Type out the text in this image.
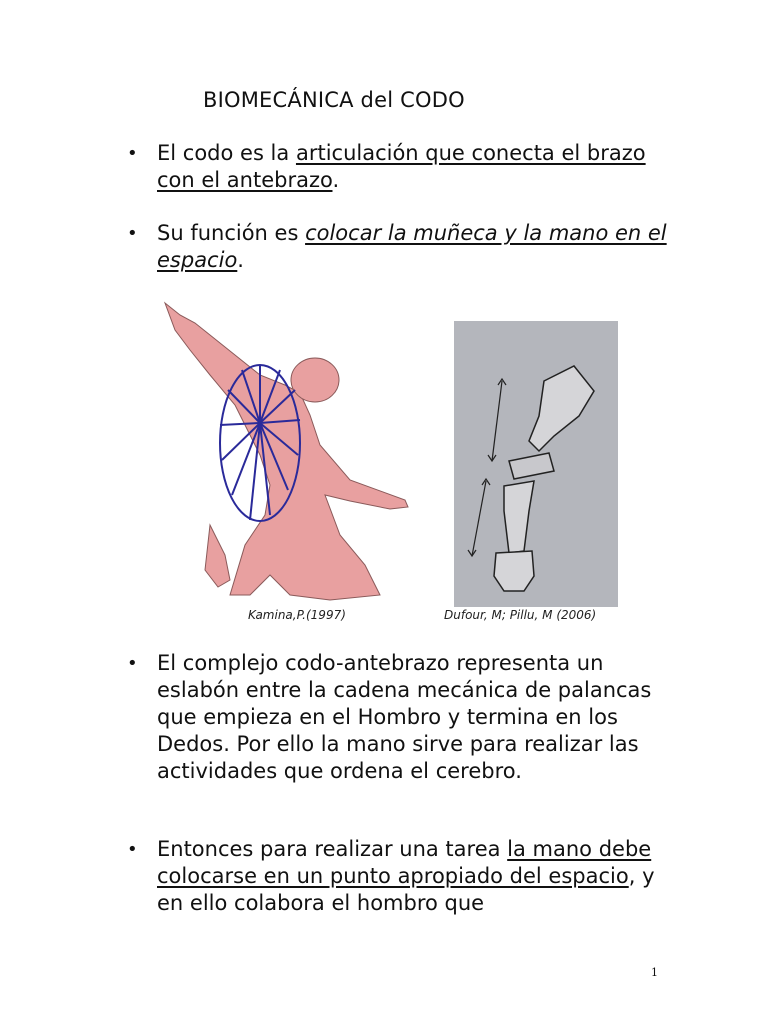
BIOMECÁNICA del CODO
• El codo es la articulación que conecta el brazo con el antebrazo.
• Su función es colocar la muñeca y la mano en el espacio.
Kamina,P.(1997)	Dufour, M; Pillu, M (2006)
• El complejo codo-antebrazo representa un eslabón entre la cadena mecánica de palancas que empieza en el Hombro y termina en los Dedos. Por ello la mano sirve para realizar las actividades que ordena el cerebro.
• Entonces para realizar una tarea la mano debe colocarse en un punto apropiado del espacio, y en ello colabora el hombro que
1
